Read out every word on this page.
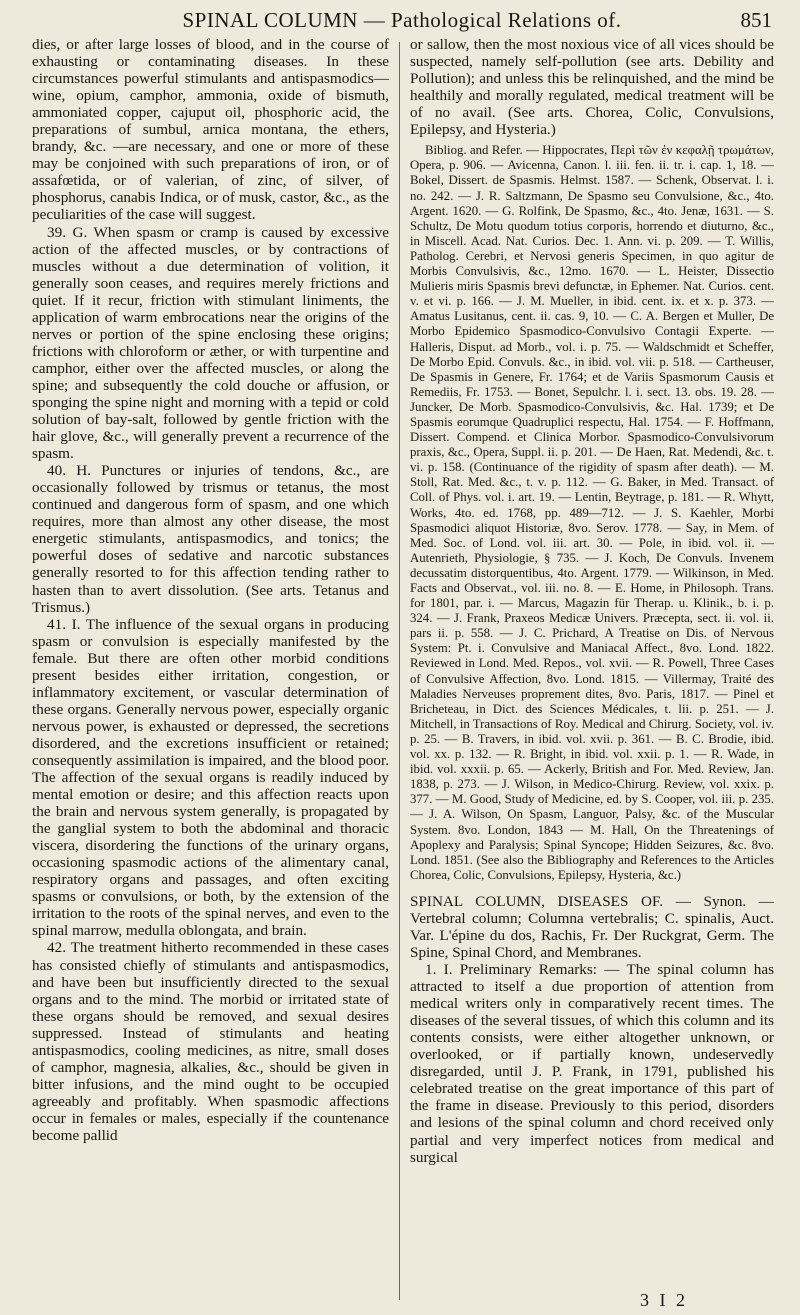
SPINAL COLUMN — Pathological Relations of.	851

dies, or after large losses of blood, and in the course of exhausting or contaminating diseases. In these circumstances powerful stimulants and antispasmodics—wine, opium, camphor, ammonia, oxide of bismuth, ammoniated copper, cajuput oil, phosphoric acid, the preparations of sumbul, arnica montana, the ethers, brandy, &c. —are necessary, and one or more of these may be conjoined with such preparations of iron, or of assafœtida, or of valerian, of zinc, of silver, of phosphorus, canabis Indica, or of musk, castor, &c., as the peculiarities of the case will suggest.

39. G. When spasm or cramp is caused by excessive action of the affected muscles, or by contractions of muscles without a due determination of volition, it generally soon ceases, and requires merely frictions and quiet. If it recur, friction with stimulant liniments, the application of warm embrocations near the origins of the nerves or portion of the spine enclosing these origins; frictions with chloroform or æther, or with turpentine and camphor, either over the affected muscles, or along the spine; and subsequently the cold douche or affusion, or sponging the spine night and morning with a tepid or cold solution of bay-salt, followed by gentle friction with the hair glove, &c., will generally prevent a recurrence of the spasm.

40. H. Punctures or injuries of tendons, &c., are occasionally followed by trismus or tetanus, the most continued and dangerous form of spasm, and one which requires, more than almost any other disease, the most energetic stimulants, antispasmodics, and tonics; the powerful doses of sedative and narcotic substances generally resorted to for this affection tending rather to hasten than to avert dissolution. (See arts. Tetanus and Trismus.)

41. I. The influence of the sexual organs in producing spasm or convulsion is especially manifested by the female. But there are often other morbid conditions present besides either irritation, congestion, or inflammatory excitement, or vascular determination of these organs. Generally nervous power, especially organic nervous power, is exhausted or depressed, the secretions disordered, and the excretions insufficient or retained; consequently assimilation is impaired, and the blood poor. The affection of the sexual organs is readily induced by mental emotion or desire; and this affection reacts upon the brain and nervous system generally, is propagated by the ganglial system to both the abdominal and thoracic viscera, disordering the functions of the urinary organs, occasioning spasmodic actions of the alimentary canal, respiratory organs and passages, and often exciting spasms or convulsions, or both, by the extension of the irritation to the roots of the spinal nerves, and even to the spinal marrow, medulla oblongata, and brain.

42. The treatment hitherto recommended in these cases has consisted chiefly of stimulants and antispasmodics, and have been but insufficiently directed to the sexual organs and to the mind. The morbid or irritated state of these organs should be removed, and sexual desires suppressed. Instead of stimulants and heating antispasmodics, cooling medicines, as nitre, small doses of camphor, magnesia, alkalies, &c., should be given in bitter infusions, and the mind ought to be occupied agreeably and profitably. When spasmodic affections occur in females or males, especially if the countenance become pallid

or sallow, then the most noxious vice of all vices should be suspected, namely self-pollution (see arts. Debility and Pollution); and unless this be relinquished, and the mind be healthily and morally regulated, medical treatment will be of no avail. (See arts. Chorea, Colic, Convulsions, Epilepsy, and Hysteria.)

Bibliog. and Refer. — Hippocrates, Περὶ τῶν ἐν κεφαλῇ τρωμάτων, Opera, p. 906. — Avicenna, Canon. l. iii. fen. ii. tr. i. cap. 1, 18. — Bokel, Dissert. de Spasmis. Helmst. 1587. — Schenk, Observat. l. i. no. 242. — J. R. Saltzmann, De Spasmo seu Convulsione, &c., 4to. Argent. 1620. — G. Rolfink, De Spasmo, &c., 4to. Jenæ, 1631. — S. Schultz, De Motu quodum totius corporis, horrendo et diuturno, &c., in Miscell. Acad. Nat. Curios. Dec. 1. Ann. vi. p. 209. — T. Willis, Patholog. Cerebri, et Nervosi generis Specimen, in quo agitur de Morbis Convulsivis, &c., 12mo. 1670. — L. Heister, Dissectio Mulieris miris Spasmis brevi defunctæ, in Ephemer. Nat. Curios. cent. v. et vi. p. 166. — J. M. Mueller, in ibid. cent. ix. et x. p. 373. — Amatus Lusitanus, cent. ii. cas. 9, 10. — C. A. Bergen et Muller, De Morbo Epidemico Spasmodico-Convulsivo Contagii Experte. — Halleris, Disput. ad Morb., vol. i. p. 75. — Waldschmidt et Scheffer, De Morbo Epid. Convuls. &c., in ibid. vol. vii. p. 518. — Cartheuser, De Spasmis in Genere, Fr. 1764; et de Variis Spasmorum Causis et Remediis, Fr. 1753. — Bonet, Sepulchr. l. i. sect. 13. obs. 19. 28. — Juncker, De Morb. Spasmodico-Convulsivis, &c. Hal. 1739; et De Spasmis eorumque Quadruplici respectu, Hal. 1754. — F. Hoffmann, Dissert. Compend. et Clinica Morbor. Spasmodico-Convulsivorum praxis, &c., Opera, Suppl. ii. p. 201. — De Haen, Rat. Medendi, &c. t. vi. p. 158. (Continuance of the rigidity of spasm after death). — M. Stoll, Rat. Med. &c., t. v. p. 112. — G. Baker, in Med. Transact. of Coll. of Phys. vol. i. art. 19. — Lentin, Beytrage, p. 181. — R. Whytt, Works, 4to. ed. 1768, pp. 489—712. — J. S. Kaehler, Morbi Spasmodici aliquot Historiæ, 8vo. Serov. 1778. — Say, in Mem. of Med. Soc. of Lond. vol. iii. art. 30. — Pole, in ibid. vol. ii. — Autenrieth, Physiologie, § 735. — J. Koch, De Convuls. Invenem decussatim distorquentibus, 4to. Argent. 1779. — Wilkinson, in Med. Facts and Observat., vol. iii. no. 8. — E. Home, in Philosoph. Trans. for 1801, par. i. — Marcus, Magazin für Therap. u. Klinik., b. i. p. 324. — J. Frank, Praxeos Medicæ Univers. Præcepta, sect. ii. vol. ii. pars ii. p. 558. — J. C. Prichard, A Treatise on Dis. of Nervous System: Pt. i. Convulsive and Maniacal Affect., 8vo. Lond. 1822. Reviewed in Lond. Med. Repos., vol. xvii. — R. Powell, Three Cases of Convulsive Affection, 8vo. Lond. 1815. — Villermay, Traité des Maladies Nerveuses proprement dites, 8vo. Paris, 1817. — Pinel et Bricheteau, in Dict. des Sciences Médicales, t. lii. p. 251. — J. Mitchell, in Transactions of Roy. Medical and Chirurg. Society, vol. iv. p. 25. — B. Travers, in ibid. vol. xvii. p. 361. — B. C. Brodie, ibid. vol. xx. p. 132. — R. Bright, in ibid. vol. xxii. p. 1. — R. Wade, in ibid. vol. xxxii. p. 65. — Ackerly, British and For. Med. Review, Jan. 1838, p. 273. — J. Wilson, in Medico-Chirurg. Review, vol. xxix. p. 377. — M. Good, Study of Medicine, ed. by S. Cooper, vol. iii. p. 235. — J. A. Wilson, On Spasm, Languor, Palsy, &c. of the Muscular System. 8vo. London, 1843 — M. Hall, On the Threatenings of Apoplexy and Paralysis; Spinal Syncope; Hidden Seizures, &c. 8vo. Lond. 1851. (See also the Bibliography and References to the Articles Chorea, Colic, Convulsions, Epilepsy, Hysteria, &c.)

SPINAL COLUMN, DISEASES OF. — Synon. — Vertebral column; Columna vertebralis; C. spinalis, Auct. Var. L'épine du dos, Rachis, Fr. Der Ruckgrat, Germ. The Spine, Spinal Chord, and Membranes.

1. I. Preliminary Remarks: — The spinal column has attracted to itself a due proportion of attention from medical writers only in comparatively recent times. The diseases of the several tissues, of which this column and its contents consists, were either altogether unknown, or overlooked, or if partially known, undeservedly disregarded, until J. P. Frank, in 1791, published his celebrated treatise on the great importance of this part of the frame in disease. Previously to this period, disorders and lesions of the spinal column and chord received only partial and very imperfect notices from medical and surgical

3 I 2
